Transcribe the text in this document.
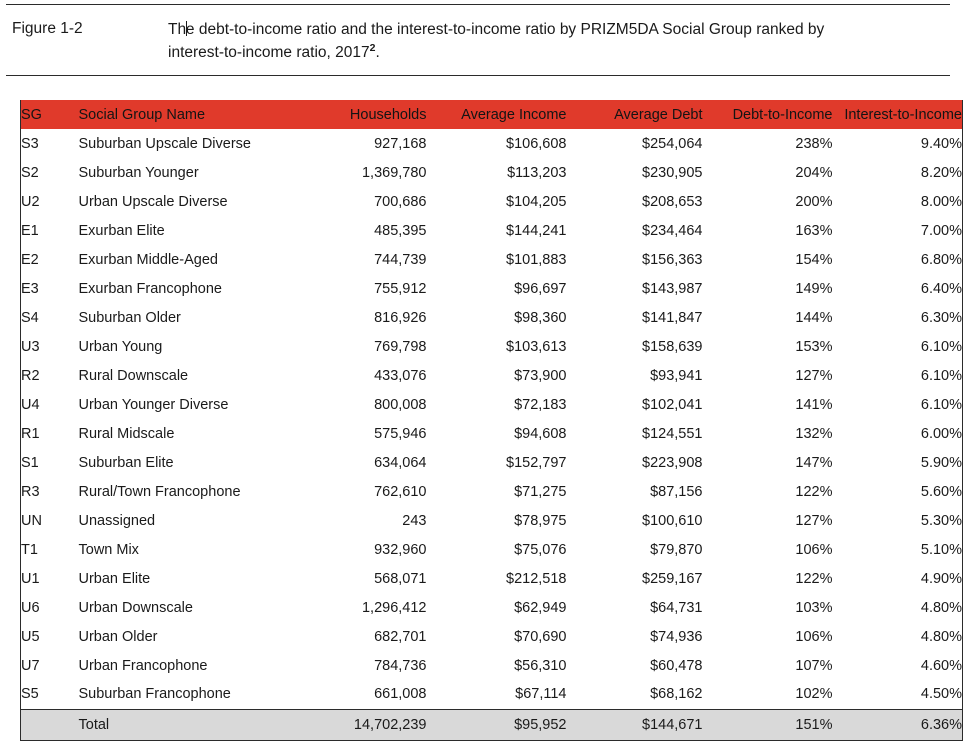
Figure 1-2	The debt-to-income ratio and the interest-to-income ratio by PRIZM5DA Social Group ranked by
interest-to-income ratio, 2017$^2$.
SG	Social Group Name	Households	Average Income	Average Debt	Debt-to-Income	Interest-to-Income
S3	Suburban Upscale Diverse	927,168	$106,608	$254,064	238%	9.40%
S2	Suburban Younger	1,369,780	$113,203	$230,905	204%	8.20%
U2	Urban Upscale Diverse	700,686	$104,205	$208,653	200%	8.00%
E1	Exurban Elite	485,395	$144,241	$234,464	163%	7.00%
E2	Exurban Middle-Aged	744,739	$101,883	$156,363	154%	6.80%
E3	Exurban Francophone	755,912	$96,697	$143,987	149%	6.40%
S4	Suburban Older	816,926	$98,360	$141,847	144%	6.30%
U3	Urban Young	769,798	$103,613	$158,639	153%	6.10%
R2	Rural Downscale	433,076	$73,900	$93,941	127%	6.10%
U4	Urban Younger Diverse	800,008	$72,183	$102,041	141%	6.10%
R1	Rural Midscale	575,946	$94,608	$124,551	132%	6.00%
S1	Suburban Elite	634,064	$152,797	$223,908	147%	5.90%
R3	Rural/Town Francophone	762,610	$71,275	$87,156	122%	5.60%
UN	Unassigned	243	$78,975	$100,610	127%	5.30%
T1	Town Mix	932,960	$75,076	$79,870	106%	5.10%
U1	Urban Elite	568,071	$212,518	$259,167	122%	4.90%
U6	Urban Downscale	1,296,412	$62,949	$64,731	103%	4.80%
U5	Urban Older	682,701	$70,690	$74,936	106%	4.80%
U7	Urban Francophone	784,736	$56,310	$60,478	107%	4.60%
S5	Suburban Francophone	661,008	$67,114	$68,162	102%	4.50%
	Total	14,702,239	$95,952	$144,671	151%	6.36%
